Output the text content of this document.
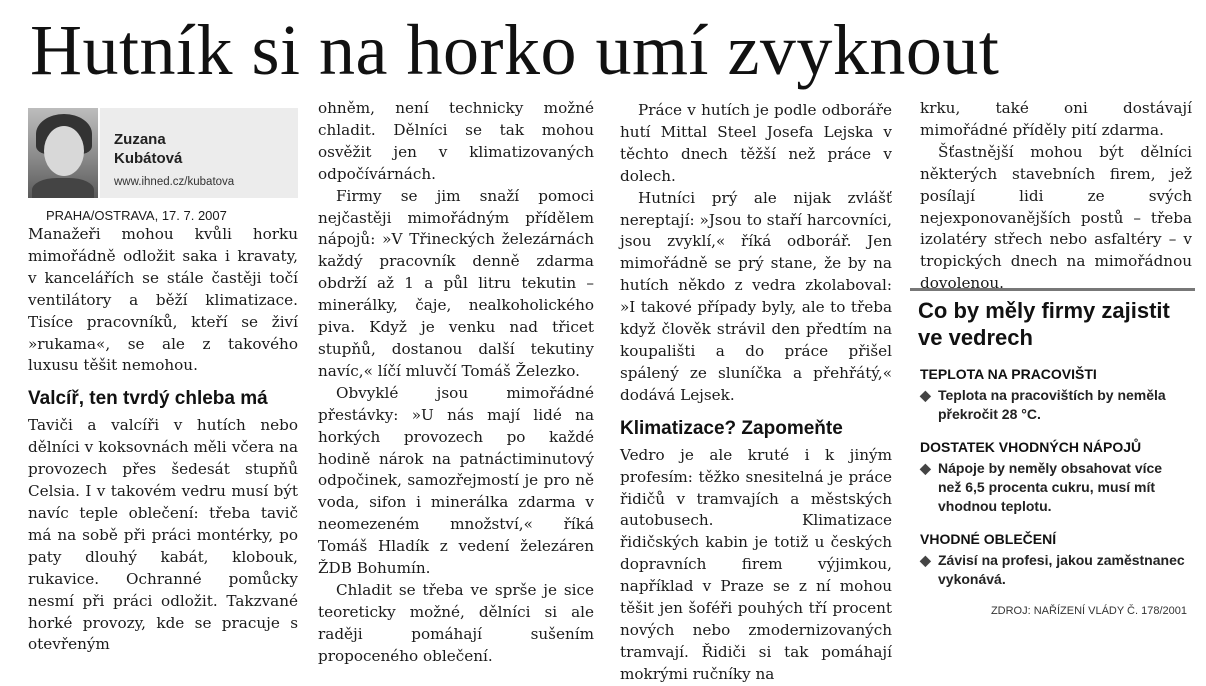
Hutník si na horko umí zvyknout
Zuzana
Kubátová
www.ihned.cz/kubatova

PRAHA/OSTRAVA, 17. 7. 2007

Manažeři mohou kvůli horku mimořádně odložit saka i kravaty, v kancelářích se stále častěji točí ventilátory a běží klimatizace. Tisíce pracovníků, kteří se živí »rukama«, se ale z takového luxusu těšit nemohou.

Valcíř, ten tvrdý chleba má

Taviči a valcíři v hutích nebo dělníci v koksovnách měli včera na provozech přes šedesát stupňů Celsia. I v takovém vedru musí být navíc teple oblečení: třeba tavič má na sobě při práci montérky, po paty dlouhý kabát, klobouk, rukavice. Ochranné pomůcky nesmí při práci odložit. Takzvané horké provozy, kde se pracuje s otevřeným

ohněm, není technicky možné chladit. Dělníci se tak mohou osvěžit jen v klimatizovaných odpočívárnách.

Firmy se jim snaží pomoci nejčastěji mimořádným přídělem nápojů: »V Třineckých železárnách každý pracovník denně zdarma obdrží až 1 a půl litru tekutin – minerálky, čaje, nealkoholického piva. Když je venku nad třicet stupňů, dostanou další tekutiny navíc,« líčí mluvčí Tomáš Železko.

Obvyklé jsou mimořádné přestávky: »U nás mají lidé na horkých provozech po každé hodině nárok na patnáctiminutový odpočinek, samozřejmostí je pro ně voda, sifon i minerálka zdarma v neomezeném množství,« říká Tomáš Hladík z vedení železáren ŽDB Bohumín.

Chladit se třeba ve sprše je sice teoreticky možné, dělníci si ale raději pomáhají sušením propoceného oblečení.

Práce v hutích je podle odboráře hutí Mittal Steel Josefa Lejska v těchto dnech těžší než práce v dolech.

Hutníci prý ale nijak zvlášť nereptají: »Jsou to staří harcovníci, jsou zvyklí,« říká odborář. Jen mimořádně se prý stane, že by na hutích někdo z vedra zkolaboval: »I takové případy byly, ale to třeba když člověk strávil den předtím na koupališti a do práce přišel spálený ze sluníčka a přehřátý,« dodává Lejsek.

Klimatizace? Zapomeňte

Vedro je ale kruté i k jiným profesím: těžko snesitelná je práce řidičů v tramvajích a městských autobusech. Klimatizace řidičských kabin je totiž u českých dopravních firem výjimkou, například v Praze se z ní mohou těšit jen šoféři pouhých tří procent nových nebo zmodernizovaných tramvají. Řidiči si tak pomáhají mokrými ručníky na

krku, také oni dostávají mimořádné příděly pití zdarma.

Šťastnější mohou být dělníci některých stavebních firem, jež posílají lidi ze svých nejexponovanějších postů – třeba izolatéry střech nebo asfaltéry – v tropických dnech na mimořádnou dovolenou.

Co by měly firmy zajistit ve vedrech
TEPLOTA NA PRACOVIŠTI
◆ Teplota na pracovištích by neměla překročit 28 °C.
DOSTATEK VHODNÝCH NÁPOJŮ
◆ Nápoje by neměly obsahovat více než 6,5 procenta cukru, musí mít vhodnou teplotu.
VHODNÉ OBLEČENÍ
◆ Závisí na profesi, jakou zaměstnanec vykonává.
ZDROJ: NAŘÍZENÍ VLÁDY Č. 178/2001
